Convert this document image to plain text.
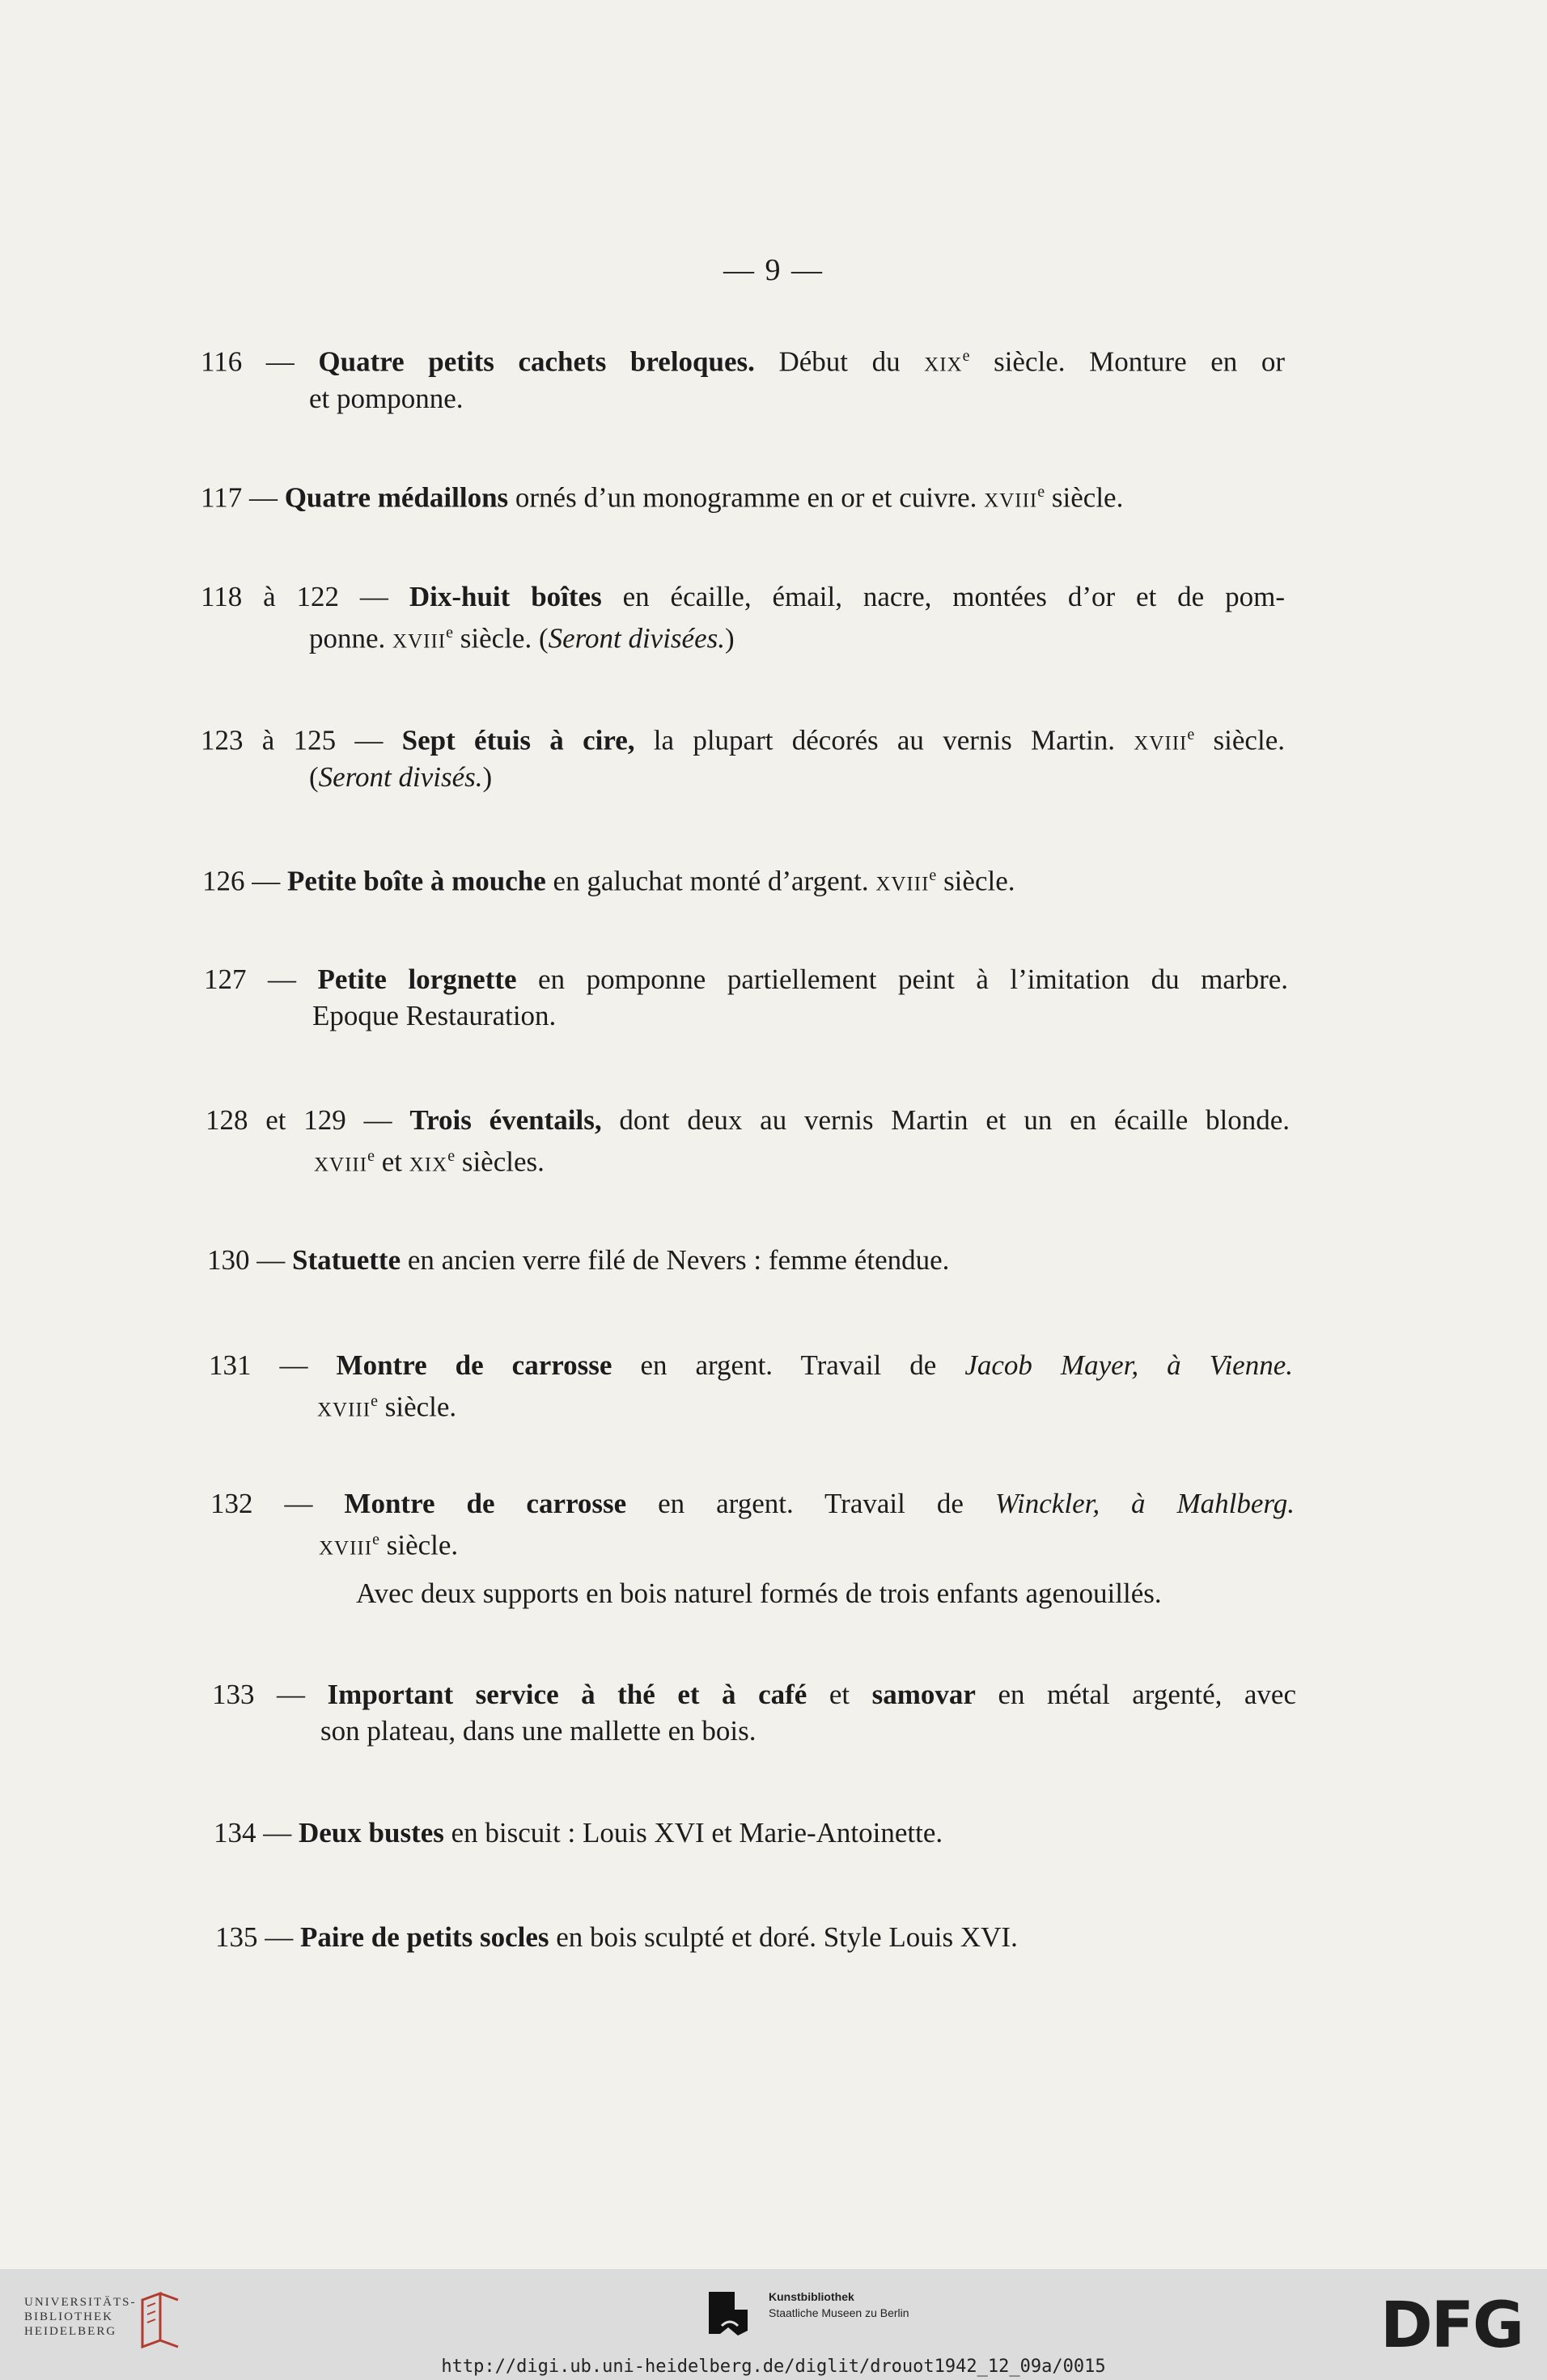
— 9 —
116 — Quatre petits cachets breloques. Début du xix$^e$ siècle. Monture en or
et pomponne.
117 — Quatre médaillons ornés d’un monogramme en or et cuivre. xviii$^e$ siècle.
118 à 122 — Dix-huit boîtes en écaille, émail, nacre, montées d’or et de pom-
ponne. xviii$^e$ siècle. (Seront divisées.)
123 à 125 — Sept étuis à cire, la plupart décorés au vernis Martin. xviii$^e$ siècle.
(Seront divisés.)
126 — Petite boîte à mouche en galuchat monté d’argent. xviii$^e$ siècle.
127 — Petite lorgnette en pomponne partiellement peint à l’imitation du marbre.
Epoque Restauration.
128 et 129 — Trois éventails, dont deux au vernis Martin et un en écaille blonde.
xviii$^e$ et xix$^e$ siècles.
130 — Statuette en ancien verre filé de Nevers : femme étendue.
131 — Montre de carrosse en argent. Travail de Jacob Mayer, à Vienne.
xviii$^e$ siècle.
132 — Montre de carrosse en argent. Travail de Winckler, à Mahlberg.
xviii$^e$ siècle.
Avec deux supports en bois naturel formés de trois enfants agenouillés.
133 — Important service à thé et à café et samovar en métal argenté, avec
son plateau, dans une mallette en bois.
134 — Deux bustes en biscuit : Louis XVI et Marie-Antoinette.
135 — Paire de petits socles en bois sculpté et doré. Style Louis XVI.
UNIVERSITÄTS-
BIBLIOTHEK
HEIDELBERG
Kunstbibliothek
Staatliche Museen zu Berlin	DFG
http://digi.ub.uni-heidelberg.de/diglit/drouot1942_12_09a/0015
